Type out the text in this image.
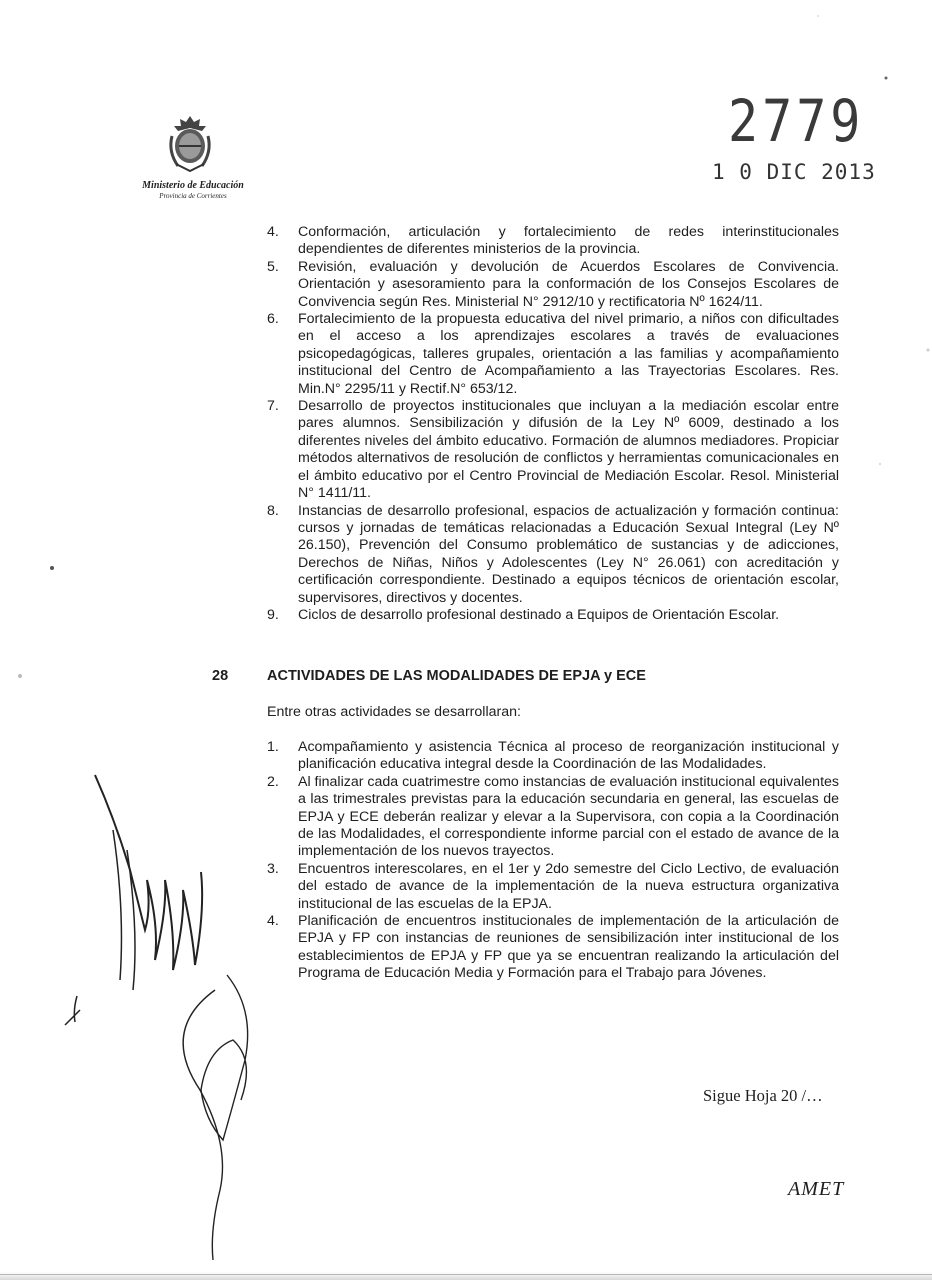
Ministerio de Educación
Provincia de Corrientes
2779
1 0 DIC 2013
4. Conformación, articulación y fortalecimiento de redes interinstitucionales dependientes de diferentes ministerios de la provincia.
5. Revisión, evaluación y devolución de Acuerdos Escolares de Convivencia. Orientación y asesoramiento para la conformación de los Consejos Escolares de Convivencia según Res. Ministerial N° 2912/10 y rectificatoria Nº 1624/11.
6. Fortalecimiento de la propuesta educativa del nivel primario, a niños con dificultades en el acceso a los aprendizajes escolares a través de evaluaciones psicopedagógicas, talleres grupales, orientación a las familias y acompañamiento institucional del Centro de Acompañamiento a las Trayectorias Escolares. Res. Min.N° 2295/11 y Rectif.N° 653/12.
7. Desarrollo de proyectos institucionales que incluyan a la mediación escolar entre pares alumnos. Sensibilización y difusión de la Ley Nº 6009, destinado a los diferentes niveles del ámbito educativo. Formación de alumnos mediadores. Propiciar métodos alternativos de resolución de conflictos y herramientas comunicacionales en el ámbito educativo por el Centro Provincial de Mediación Escolar. Resol. Ministerial N° 1411/11.
8. Instancias de desarrollo profesional, espacios de actualización y formación continua: cursos y jornadas de temáticas relacionadas a Educación Sexual Integral (Ley Nº 26.150), Prevención del Consumo problemático de sustancias y de adicciones, Derechos de Niñas, Niños y Adolescentes (Ley N° 26.061) con acreditación y certificación correspondiente. Destinado a equipos técnicos de orientación escolar, supervisores, directivos y docentes.
9. Ciclos de desarrollo profesional destinado a Equipos de Orientación Escolar.
28	ACTIVIDADES DE LAS MODALIDADES DE EPJA y ECE
Entre otras actividades se desarrollaran:
1. Acompañamiento y asistencia Técnica al proceso de reorganización institucional y planificación educativa integral desde la Coordinación de las Modalidades.
2. Al finalizar cada cuatrimestre como instancias de evaluación institucional equivalentes a las trimestrales previstas para la educación secundaria en general, las escuelas de EPJA y ECE deberán realizar y elevar a la Supervisora, con copia a la Coordinación de las Modalidades, el correspondiente informe parcial con el estado de avance de la implementación de los nuevos trayectos.
3. Encuentros interescolares, en el 1er y 2do semestre del Ciclo Lectivo, de evaluación del estado de avance de la implementación de la nueva estructura organizativa institucional de las escuelas de la EPJA.
4. Planificación de encuentros institucionales de implementación de la articulación de EPJA y FP con instancias de reuniones de sensibilización inter institucional de los establecimientos de EPJA y FP que ya se encuentran realizando la articulación del Programa de Educación Media y Formación para el Trabajo para Jóvenes.
Sigue Hoja 20 /…
AMET
